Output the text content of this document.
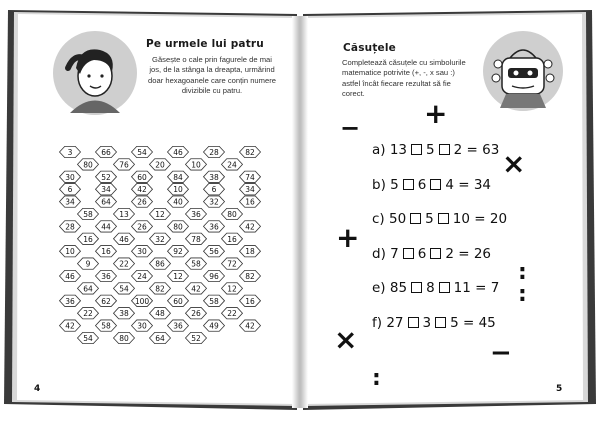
Pe urmele lui patru
Găsește o cale prin fagurele de mai jos, de la stânga la dreapta, urmărind doar hexagoanele care conțin numere divizibile cu patru.
3	66	54	46	28	82
80	76	20	10	24
30	52	60	84	38	74
6	34	42	10	6	34
34	64	26	40	32	16
58	13	12	36	80
28	44	26	80	36	42
16	46	32	78	16
10	16	30	92	56	18
9	22	86	58	72
46	36	24	12	96	82
64	54	82	42	12
36	62	100	60	58	16
22	38	48	26	22
42	58	30	36	49	42
54	80	64	52
4
Căsuțele
Completează căsuțele cu simbolurile matematice potrivite (+, -, x sau :) astfel încât fiecare rezultat să fie corect.
− +
×
+
:
:
×	−
:
a) 13 5 2 = 63
b) 5 6 4 = 34
c) 50 5 10 = 20
d) 7 6 2 = 26
e) 85 8 11 = 7
f) 27 3 5 = 45
5
